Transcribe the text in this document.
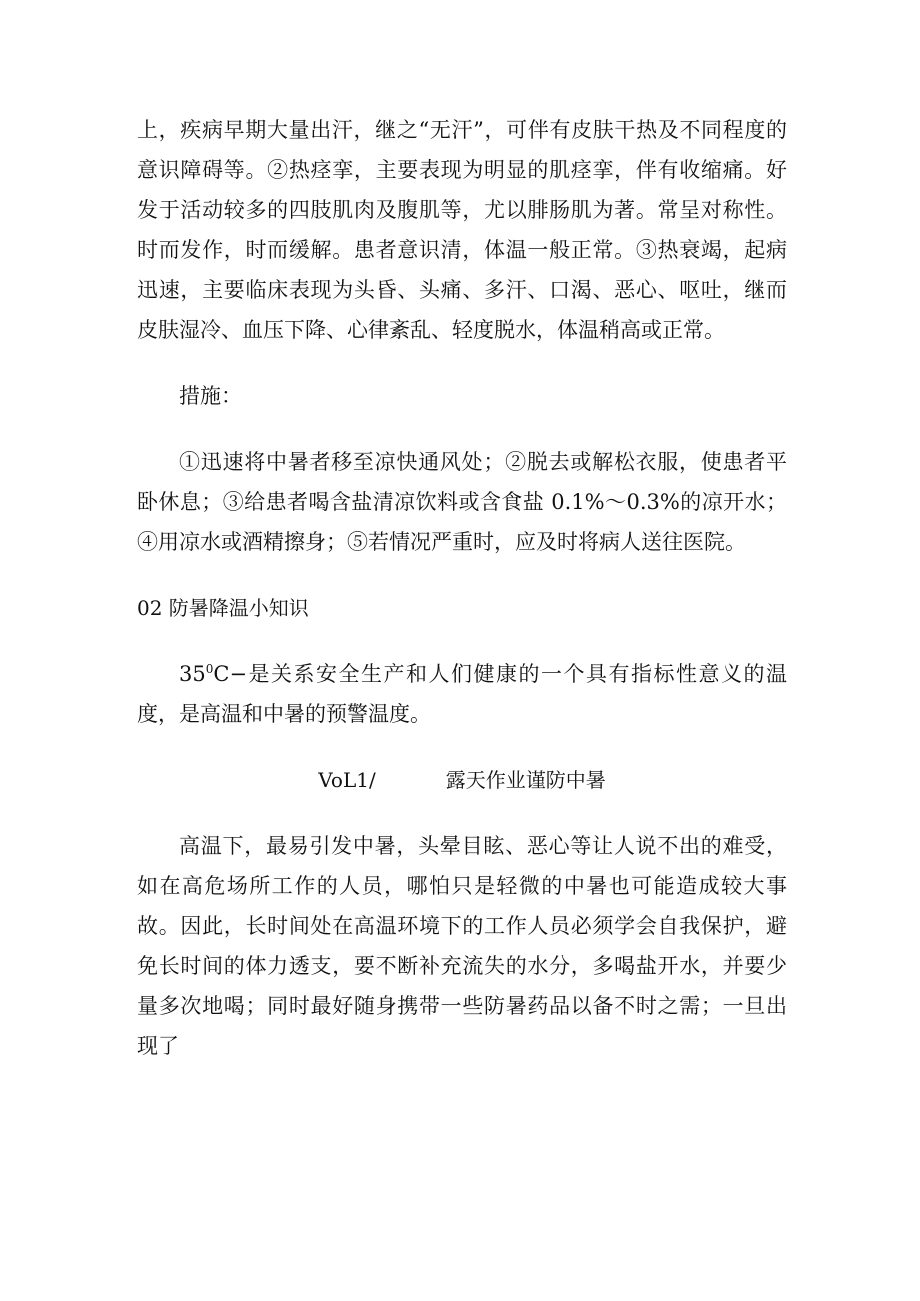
上，疾病早期大量出汗，继之“无汗”，可伴有皮肤干热及不同程度的意识障碍等。②热痉挛，主要表现为明显的肌痉挛，伴有收缩痛。好发于活动较多的四肢肌肉及腹肌等，尤以腓肠肌为著。常呈对称性。时而发作，时而缓解。患者意识清，体温一般正常。③热衰竭，起病迅速，主要临床表现为头昏、头痛、多汗、口渴、恶心、呕吐，继而皮肤湿冷、血压下降、心律紊乱、轻度脱水，体温稍高或正常。

措施：

①迅速将中暑者移至凉快通风处；②脱去或解松衣服，使患者平卧休息；③给患者喝含盐清凉饮料或含食盐 0.1%～0.3%的凉开水；④用凉水或酒精擦身；⑤若情况严重时，应及时将病人送往医院。

02 防暑降温小知识

$35^0C-$是关系安全生产和人们健康的一个具有指标性意义的温度，是高温和中暑的预警温度。

VoL1/	露天作业谨防中暑

高温下，最易引发中暑，头晕目眩、恶心等让人说不出的难受，如在高危场所工作的人员，哪怕只是轻微的中暑也可能造成较大事故。因此，长时间处在高温环境下的工作人员必须学会自我保护，避免长时间的体力透支，要不断补充流失的水分，多喝盐开水，并要少量多次地喝；同时最好随身携带一些防暑药品以备不时之需；一旦出现了
